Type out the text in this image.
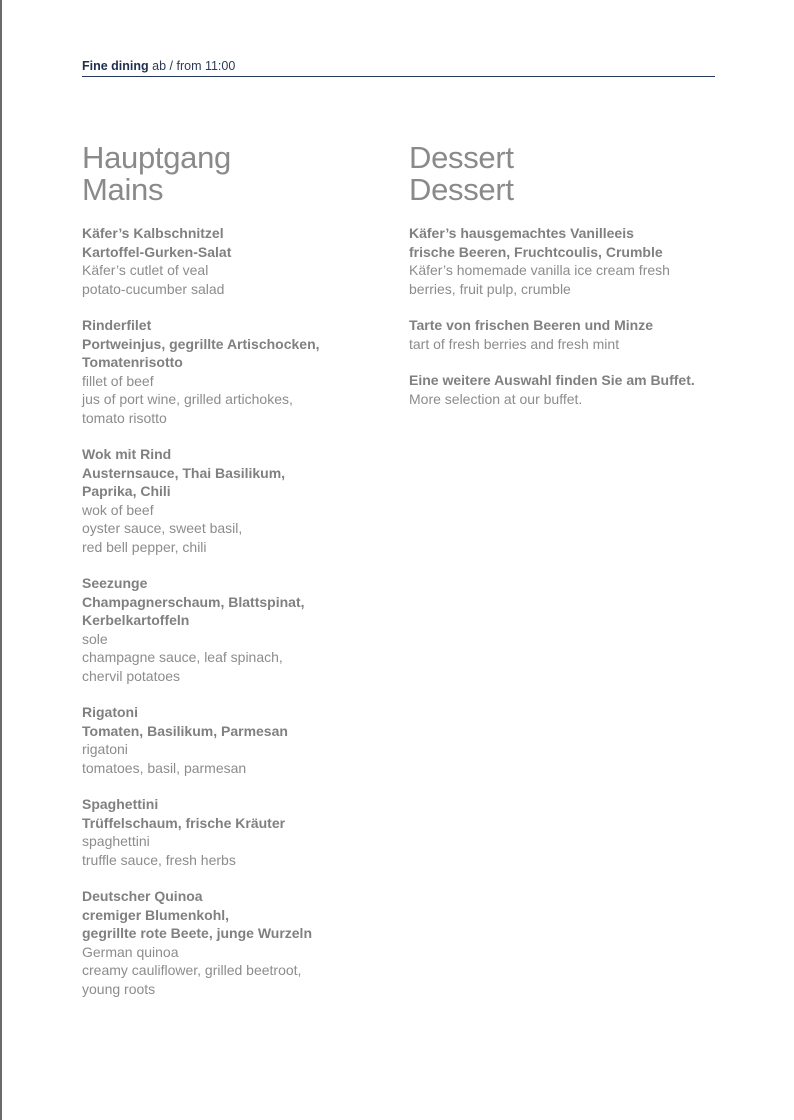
Fine dining ab / from 11:00
Hauptgang
Mains
Käfer’s Kalbschnitzel
Kartoffel-Gurken-Salat
Käfer’s cutlet of veal
potato-cucumber salad
Rinderfilet
Portweinjus, gegrillte Artischocken,
Tomatenrisotto
fillet of beef
jus of port wine, grilled artichokes,
tomato risotto
Wok mit Rind
Austernsauce, Thai Basilikum,
Paprika, Chili
wok of beef
oyster sauce, sweet basil,
red bell pepper, chili
Seezunge
Champagnerschaum, Blattspinat,
Kerbelkartoffeln
sole
champagne sauce, leaf spinach,
chervil potatoes
Rigatoni
Tomaten, Basilikum, Parmesan
rigatoni
tomatoes, basil, parmesan
Spaghettini
Trüffelschaum, frische Kräuter
spaghettini
truffle sauce, fresh herbs
Deutscher Quinoa
cremiger Blumenkohl,
gegrillte rote Beete, junge Wurzeln
German quinoa
creamy cauliflower, grilled beetroot,
young roots
Dessert
Dessert
Käfer’s hausgemachtes Vanilleeis
frische Beeren, Fruchtcoulis, Crumble
Käfer’s homemade vanilla ice cream fresh
berries, fruit pulp, crumble
Tarte von frischen Beeren und Minze
tart of fresh berries and fresh mint
Eine weitere Auswahl finden Sie am Buffet.
More selection at our buffet.
